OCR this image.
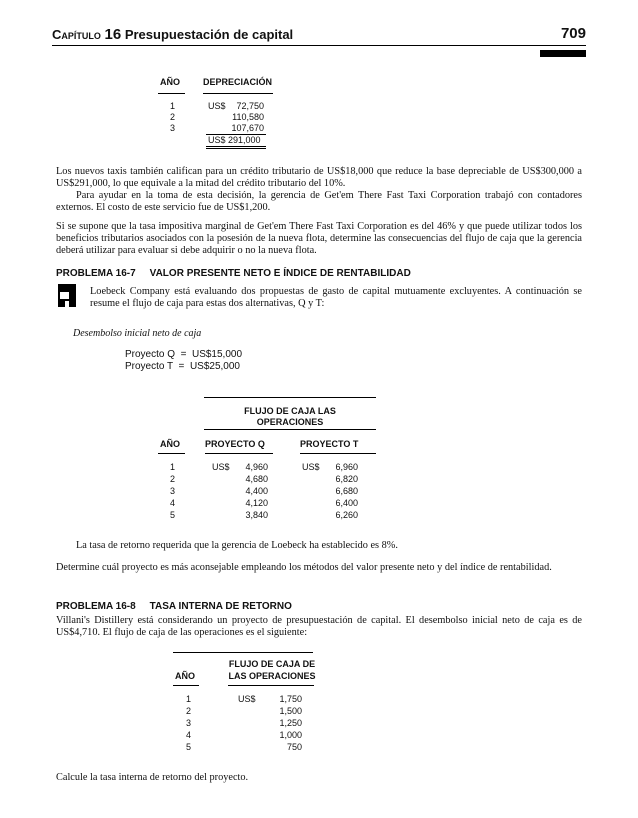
Capítulo 16 Presupuestación de capital	709
AÑO	DEPRECIACIÓN
1	US$	72,750
2	110,580
3	107,670
US$ 291,000
Los nuevos taxis también califican para un crédito tributario de US$18,000 que reduce la base depreciable de US$300,000 a US$291,000, lo que equivale a la mitad del crédito tributario del 10%.
Para ayudar en la toma de esta decisión, la gerencia de Get'em There Fast Taxi Corporation trabajó con contadores externos. El costo de este servicio fue de US$1,200.
Si se supone que la tasa impositiva marginal de Get'em There Fast Taxi Corporation es del 46% y que puede utilizar todos los beneficios tributarios asociados con la posesión de la nueva flota, determine las consecuencias del flujo de caja que la gerencia deberá utilizar para evaluar si debe adquirir o no la nueva flota.
PROBLEMA 16-7 VALOR PRESENTE NETO E ÍNDICE DE RENTABILIDAD
Loebeck Company está evaluando dos propuestas de gasto de capital mutuamente excluyentes. A continuación se resume el flujo de caja para estas dos alternativas, Q y T:
Desembolso inicial neto de caja
Proyecto Q  =  US$15,000
Proyecto T  =  US$25,000
FLUJO DE CAJA LAS
OPERACIONES
AÑO	PROYECTO Q	PROYECTO T
1	US$	4,960	US$	6,960
2	4,680	6,820
3	4,400	6,680
4	4,120	6,400
5	3,840	6,260
La tasa de retorno requerida que la gerencia de Loebeck ha establecido es 8%.
Determine cuál proyecto es más aconsejable empleando los métodos del valor presente neto y del índice de rentabilidad.
PROBLEMA 16-8 TASA INTERNA DE RETORNO
Villani's Distillery está considerando un proyecto de presupuestación de capital. El desembolso inicial neto de caja es de US$4,710. El flujo de caja de las operaciones es el siguiente:
FLUJO DE CAJA DE
AÑO	LAS OPERACIONES
1	US$	1,750
2	1,500
3	1,250
4	1,000
5	750
Calcule la tasa interna de retorno del proyecto.
